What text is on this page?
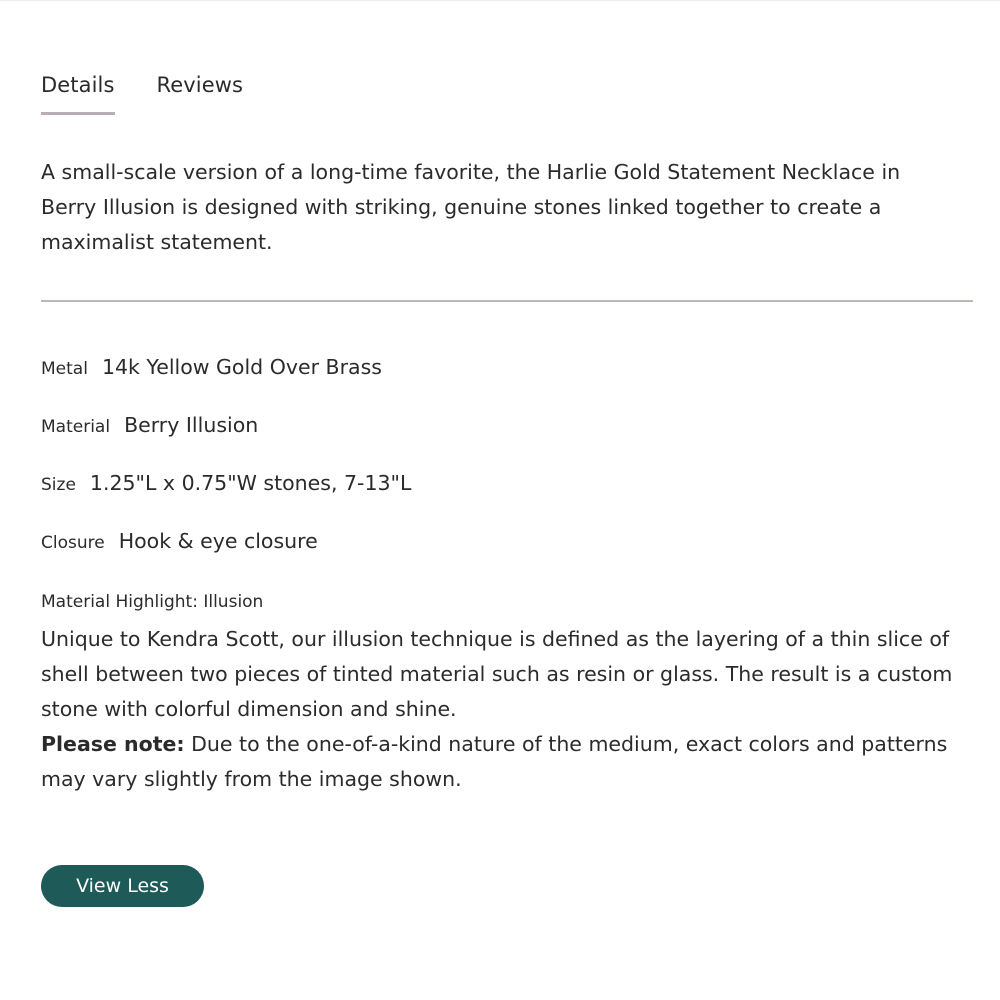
Details Reviews

A small-scale version of a long-time favorite, the Harlie Gold Statement Necklace in Berry Illusion is designed with striking, genuine stones linked together to create a maximalist statement.

Metal 14k Yellow Gold Over Brass
Material Berry Illusion
Size 1.25"L x 0.75"W stones, 7-13"L
Closure Hook & eye closure
Material Highlight: Illusion

Unique to Kendra Scott, our illusion technique is defined as the layering of a thin slice of shell between two pieces of tinted material such as resin or glass. The result is a custom stone with colorful dimension and shine.
Please note: Due to the one-of-a-kind nature of the medium, exact colors and patterns may vary slightly from the image shown.

View Less
